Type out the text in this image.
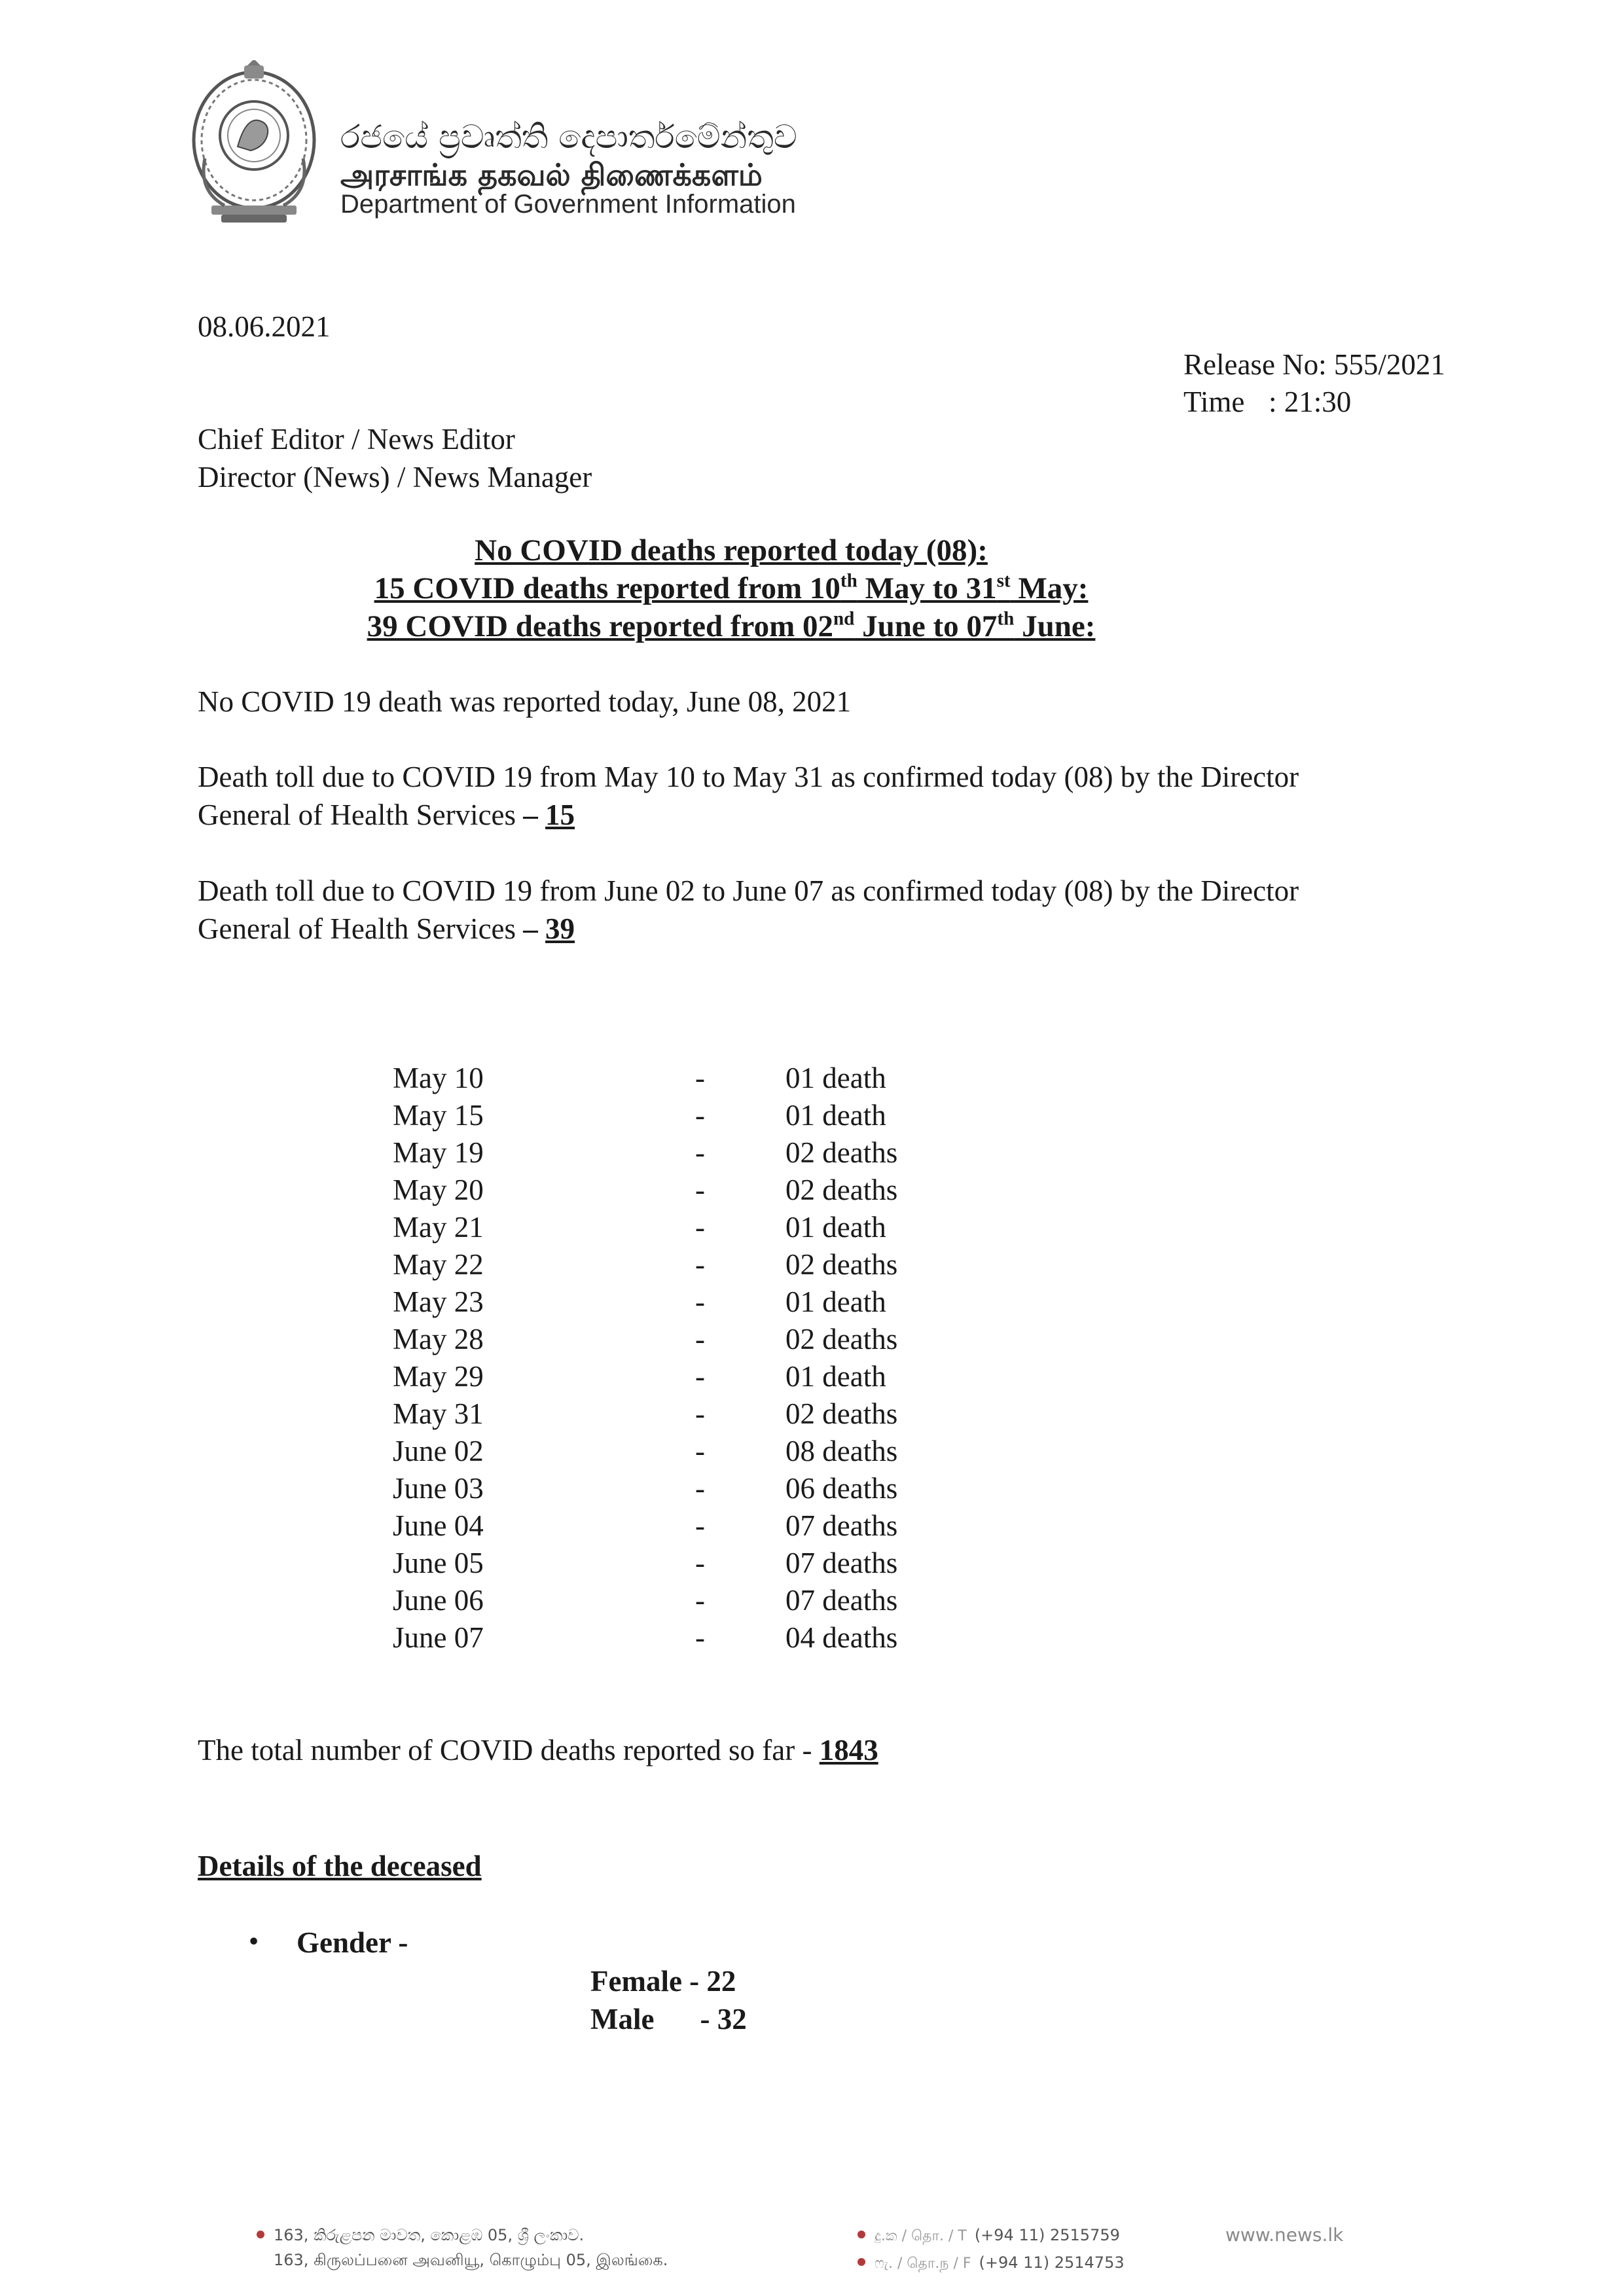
රජයේ ප්‍රවෘත්ති දෙපාර්තමේන්තුව
அரசாங்க தகவல் திணைக்களம்
Department of Government Information
08.06.2021
Release No: 555/2021
Time : 21:30
Chief Editor / News Editor
Director (News) / News Manager
No COVID deaths reported today (08):
15 COVID deaths reported from 10th May to 31st May:
39 COVID deaths reported from 02nd June to 07th June:
No COVID 19 death was reported today, June 08, 2021
Death toll due to COVID 19 from May 10 to May 31 as confirmed today (08) by the Director
General of Health Services – 15
Death toll due to COVID 19 from June 02 to June 07 as confirmed today (08) by the Director
General of Health Services – 39
May 10	-	01 death
May 15	-	01 death
May 19	-	02 deaths
May 20	-	02 deaths
May 21	-	01 death
May 22	-	02 deaths
May 23	-	01 death
May 28	-	02 deaths
May 29	-	01 death
May 31	-	02 deaths
June 02	-	08 deaths
June 03	-	06 deaths
June 04	-	07 deaths
June 05	-	07 deaths
June 06	-	07 deaths
June 07	-	04 deaths
The total number of COVID deaths reported so far - 1843
Details of the deceased
• Gender -
Female - 22
Male - 32
163, කිරුළපන මාවත, කොළඹ 05, ශ්‍රී ලංකාව.
163, கிருலப்பனை அவனியூ, கொழும்பு 05, இலங்கை.
දු.ක / தொ. / T (+94 11) 2515759
ෆැ. / தொ.ந / F (+94 11) 2514753
www.news.lk
